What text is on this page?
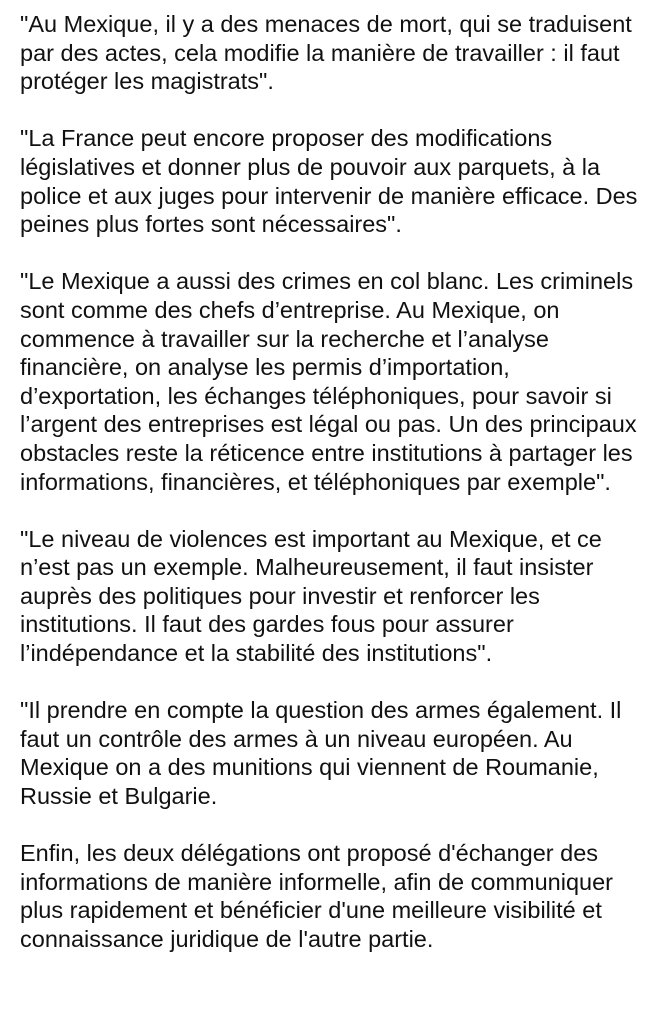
"Au Mexique, il y a des menaces de mort, qui se traduisent par des actes, cela modifie la manière de travailler : il faut protéger les magistrats".

"La France peut encore proposer des modifications législatives et donner plus de pouvoir aux parquets, à la police et aux juges pour intervenir de manière efficace. Des peines plus fortes sont nécessaires".

"Le Mexique a aussi des crimes en col blanc. Les criminels sont comme des chefs d’entreprise. Au Mexique, on commence à travailler sur la recherche et l’analyse financière, on analyse les permis d’importation, d’exportation, les échanges téléphoniques, pour savoir si l’argent des entreprises est légal ou pas. Un des principaux obstacles reste la réticence entre institutions à partager les informations, financières, et téléphoniques par exemple".

"Le niveau de violences est important au Mexique, et ce n’est pas un exemple. Malheureusement, il faut insister auprès des politiques pour investir et renforcer les institutions. Il faut des gardes fous pour assurer l’indépendance et la stabilité des institutions".

"Il prendre en compte la question des armes également. Il faut un contrôle des armes à un niveau européen. Au Mexique on a des munitions qui viennent de Roumanie, Russie et Bulgarie.

Enfin, les deux délégations ont proposé d'échanger des informations de manière informelle, afin de communiquer plus rapidement et bénéficier d'une meilleure visibilité et connaissance juridique de l'autre partie.
